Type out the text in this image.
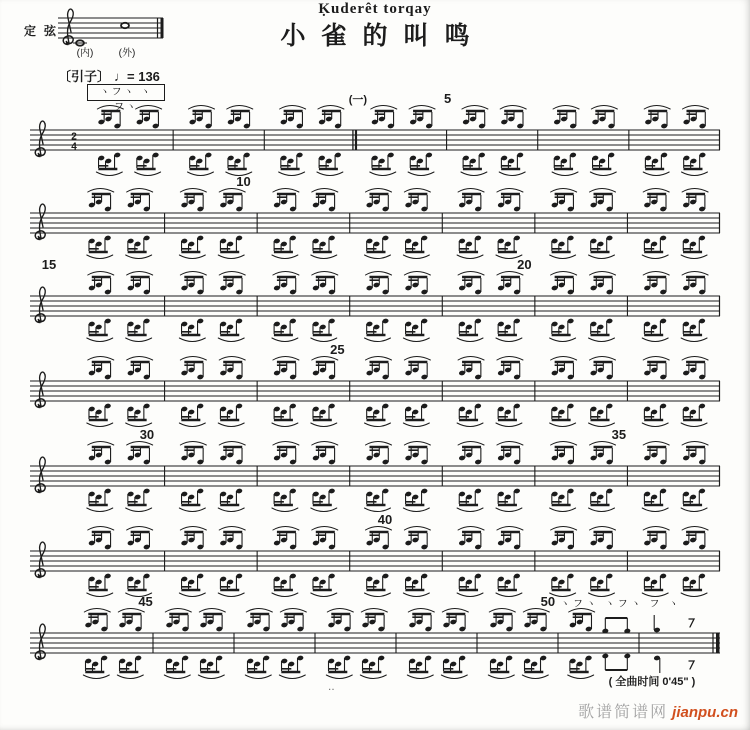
定弦
(内)	(外)
Ḳuderêt torqay
小雀的叫鸣
〔引子〕 ♩= 136
ヽフヽ ヽフヽ
2
4
(一)	5
10
15	20
25
30	35
40
45	50 ヽフヽ ヽフヽ フ ヽ
( 全曲时间 0'45" )
‥
歌谱简谱网 jianpu.cn
